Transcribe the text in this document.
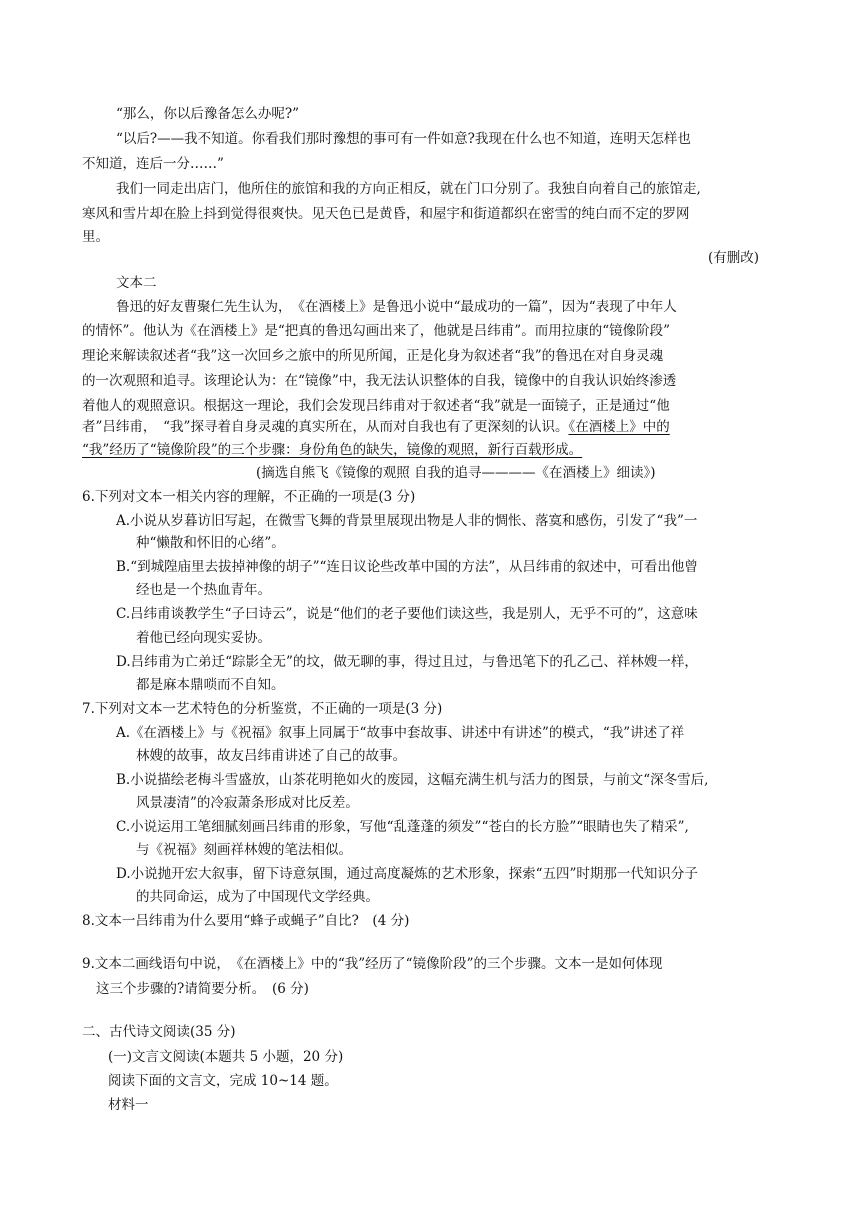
“那么，你以后豫备怎么办呢?”
“以后?——我不知道。你看我们那时豫想的事可有一件如意?我现在什么也不知道，连明天怎样也
不知道，连后一分……”
我们一同走出店门，他所住的旅馆和我的方向正相反，就在门口分别了。我独自向着自己的旅馆走,
寒风和雪片却在脸上抖到觉得很爽快。见天色已是黄昏，和屋宇和街道都织在密雪的纯白而不定的罗网
里。
(有删改)
文本二
鲁迅的好友曹聚仁先生认为，　《在酒楼上》是鲁迅小说中“最成功的一篇”，因为“表现了中年人
的情怀”。他认为《在酒楼上》是“把真的鲁迅勾画出来了，他就是吕纬甫”。而用拉康的“镜像阶段”
理论来解读叙述者“我”这一次回乡之旅中的所见所闻，正是化身为叙述者“我”的鲁迅在对自身灵魂
的一次观照和追寻。该理论认为：在“镜像”中，我无法认识整体的自我，镜像中的自我认识始终渗透
着他人的观照意识。根据这一理论，我们会发现吕纬甫对于叙述者“我”就是一面镜子，正是通过“他
者”吕纬甫，　“我”探寻着自身灵魂的真实所在，从而对自我也有了更深刻的认识。《在酒楼上》中的
“我”经历了“镜像阶段”的三个步骤：身份角色的缺失，镜像的观照，新行百载形成。
(摘选自熊飞《镜像的观照 自我的追寻————《在酒楼上》细读》)
6.下列对文本一相关内容的理解，不正确的一项是(3 分)
A.小说从岁暮访旧写起，在微雪飞舞的背景里展现出物是人非的惆怅、落寞和感伤，引发了“我”一
种“懒散和怀旧的心绪”。
B.“到城隍庙里去拔掉神像的胡子”“连日议论些改革中国的方法”，从吕纬甫的叙述中，可看出他曾
经也是一个热血青年。
C.吕纬甫谈教学生“子曰诗云”，说是“他们的老子要他们读这些，我是别人，无乎不可的”，这意味
着他已经向现实妥协。
D.吕纬甫为亡弟迁“踪影全无”的坟，做无聊的事，得过且过，与鲁迅笔下的孔乙己、祥林嫂一样，
都是麻本鼎唢而不自知。
7.下列对文本一艺术特色的分析鉴赏，不正确的一项是(3 分)
A.《在酒楼上》与《祝福》叙事上同属于“故事中套故事、讲述中有讲述”的模式，“我”讲述了祥
林嫂的故事，故友吕纬甫讲述了自己的故事。
B.小说描绘老梅斗雪盛放，山茶花明艳如火的废园，这幅充满生机与活力的图景，与前文“深冬雪后,
风景凄清”的冷寂萧条形成对比反差。
C.小说运用工笔细腻刻画吕纬甫的形象，写他“乱蓬蓬的须发”“苍白的长方脸”“眼睛也失了精采”,
与《祝福》刻画祥林嫂的笔法相似。
D.小说抛开宏大叙事，留下诗意氛围，通过高度凝炼的艺术形象，探索“五四”时期那一代知识分子
的共同命运，成为了中国现代文学经典。
8.文本一吕纬甫为什么要用“蜂子或蝇子”自比?　(4 分)
9.文本二画线语句中说，　《在酒楼上》中的“我”经历了“镜像阶段”的三个步骤。文本一是如何体现
这三个步骤的?请简要分析。　(6 分)
二、古代诗文阅读(35 分)
(一)文言文阅读(本题共 5 小题，20 分)
阅读下面的文言文，完成 10~14 题。
材料一
